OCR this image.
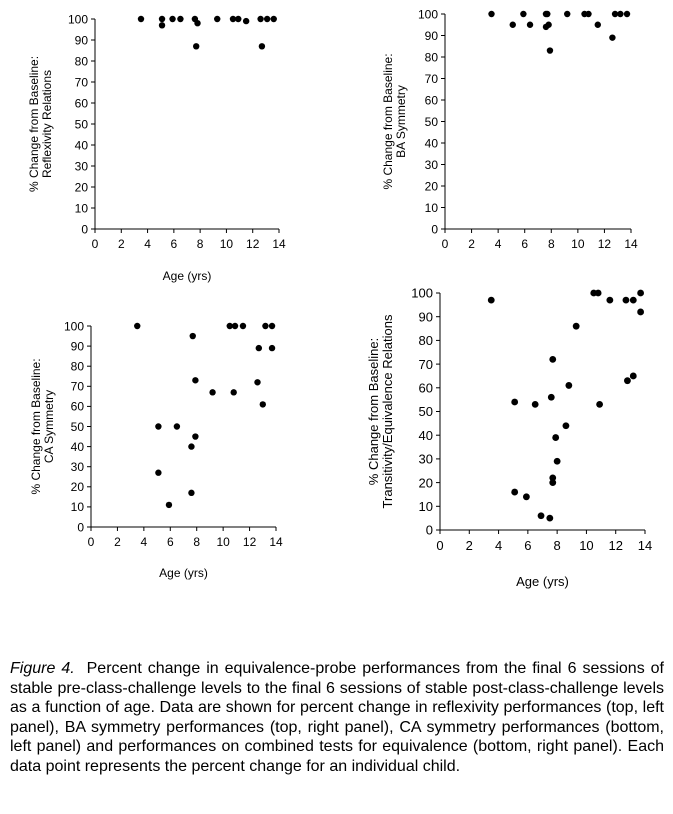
0
10
20
30
40
50
60
70
80
90
100
0 2 4 6 8 10 12 14
Age (yrs)
% Change from Baseline:Reflexivity Relations
0
10
20
30
40
50
60
70
80
90
100
0 2 4 6 8 10 12 14
% Change from Baseline:BA Symmetry
0
10
20
30
40
50
60
70
80
90
100
0 2 4 6 8 10 12 14
Age (yrs)
% Change from Baseline:CA Symmetry
0
10
20
30
40
50
60
70
80
90
100
0 2 4 6 8 10 12 14
Age (yrs)
% Change from Baseline:Transitivity/Equivalence Relations

Figure 4. Percent change in equivalence-probe performances from the final 6 sessions of stable pre-class-challenge levels to the final 6 sessions of stable post-class-challenge levels as a function of age. Data are shown for percent change in reflexivity performances (top, left panel), BA symmetry performances (top, right panel), CA symmetry performances (bottom, left panel) and performances on combined tests for equivalence (bottom, right panel). Each data point represents the percent change for an individual child.
